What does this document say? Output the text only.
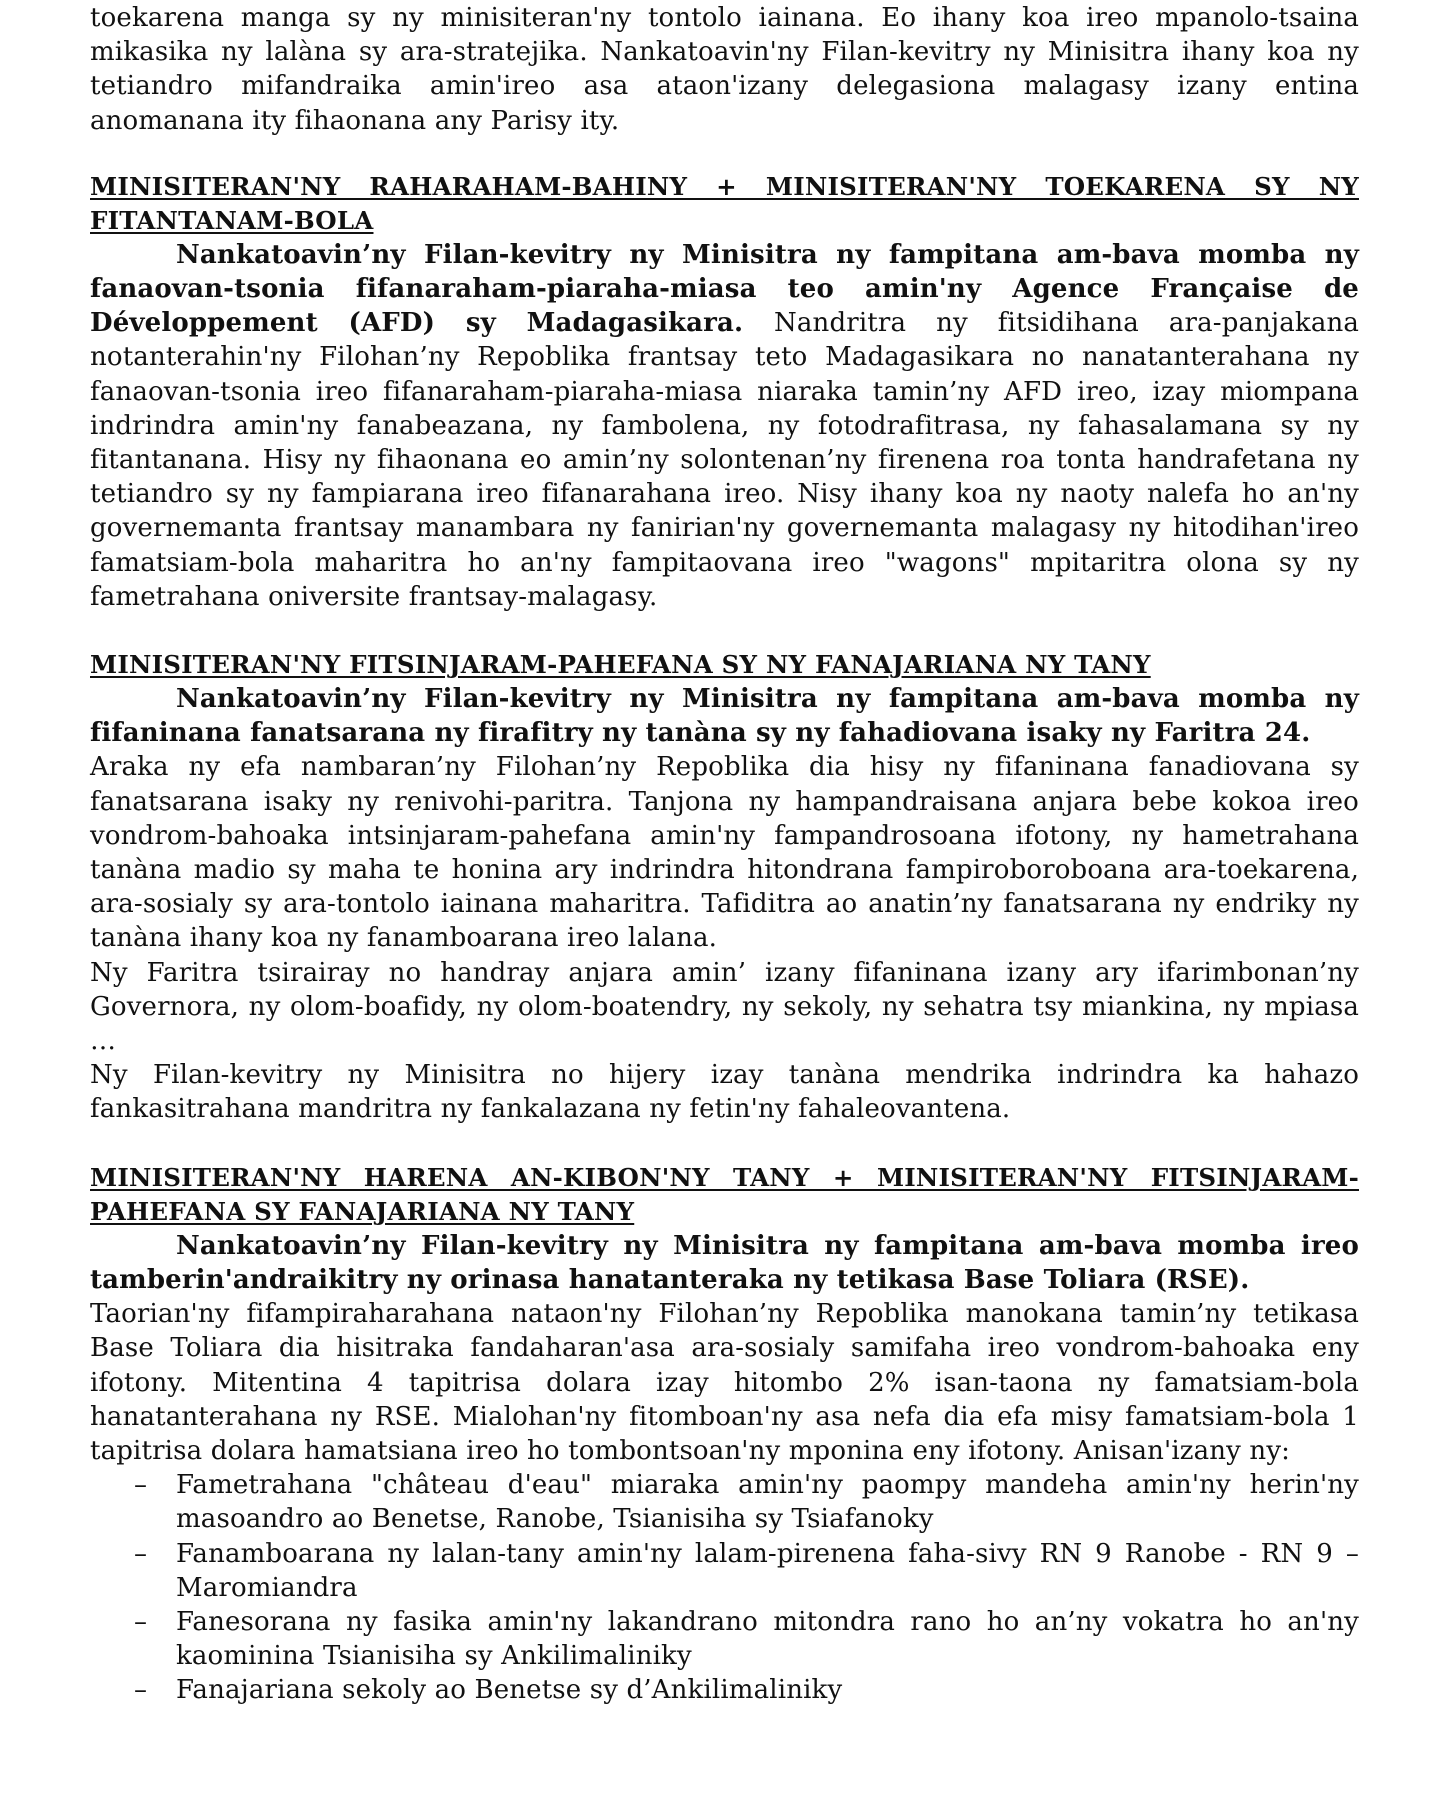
toekarena manga sy ny minisiteran'ny tontolo iainana. Eo ihany koa ireo mpanolo-tsaina mikasika ny lalàna sy ara-stratejika. Nankatoavin'ny Filan-kevitry ny Minisitra ihany koa ny tetiandro mifandraika amin'ireo asa ataon'izany delegasiona malagasy izany entina anomanana ity fihaonana any Parisy ity.

MINISITERAN'NY RAHARAHAM-BAHINY + MINISITERAN'NY TOEKARENA SY NY FITANTANAM-BOLA

Nankatoavin’ny Filan-kevitry ny Minisitra ny fampitana am-bava momba ny fanaovan-tsonia fifanaraham-piaraha-miasa teo amin'ny Agence Française de Développement (AFD) sy Madagasikara. Nandritra ny fitsidihana ara-panjakana notanterahin'ny Filohan’ny Repoblika frantsay teto Madagasikara no nanatanterahana ny fanaovan-tsonia ireo fifanaraham-piaraha-miasa niaraka tamin’ny AFD ireo, izay miompana indrindra amin'ny fanabeazana, ny fambolena, ny fotodrafitrasa, ny fahasalamana sy ny fitantanana. Hisy ny fihaonana eo amin’ny solontenan’ny firenena roa tonta handrafetana ny tetiandro sy ny fampiarana ireo fifanarahana ireo. Nisy ihany koa ny naoty nalefa ho an'ny governemanta frantsay manambara ny fanirian'ny governemanta malagasy ny hitodihan'ireo famatsiam-bola maharitra ho an'ny fampitaovana ireo "wagons" mpitaritra olona sy ny fametrahana oniversite frantsay-malagasy.

MINISITERAN'NY FITSINJARAM-PAHEFANA SY NY FANAJARIANA NY TANY

Nankatoavin’ny Filan-kevitry ny Minisitra ny fampitana am-bava momba ny fifaninana fanatsarana ny firafitry ny tanàna sy ny fahadiovana isaky ny Faritra 24.

Araka ny efa nambaran’ny Filohan’ny Repoblika dia hisy ny fifaninana fanadiovana sy fanatsarana isaky ny renivohi-paritra. Tanjona ny hampandraisana anjara bebe kokoa ireo vondrom-bahoaka intsinjaram-pahefana amin'ny fampandrosoana ifotony, ny hametrahana tanàna madio sy maha te honina ary indrindra hitondrana fampiroboroboana ara-toekarena, ara-sosialy sy ara-tontolo iainana maharitra. Tafiditra ao anatin’ny fanatsarana ny endriky ny tanàna ihany koa ny fanamboarana ireo lalana.

Ny Faritra tsirairay no handray anjara amin’ izany fifaninana izany ary ifarimbonan’ny Governora, ny olom-boafidy, ny olom-boatendry, ny sekoly, ny sehatra tsy miankina, ny mpiasa …

Ny Filan-kevitry ny Minisitra no hijery izay tanàna mendrika indrindra ka hahazo fankasitrahana mandritra ny fankalazana ny fetin'ny fahaleovantena.

MINISITERAN'NY HARENA AN-KIBON'NY TANY + MINISITERAN'NY FITSINJARAM-PAHEFANA SY FANAJARIANA NY TANY

Nankatoavin’ny Filan-kevitry ny Minisitra ny fampitana am-bava momba ireo tamberin'andraikitry ny orinasa hanatanteraka ny tetikasa Base Toliara (RSE).

Taorian'ny fifampiraharahana nataon'ny Filohan’ny Repoblika manokana tamin’ny tetikasa Base Toliara dia hisitraka fandaharan'asa ara-sosialy samifaha ireo vondrom-bahoaka eny ifotony. Mitentina 4 tapitrisa dolara izay hitombo 2% isan-taona ny famatsiam-bola hanatanterahana ny RSE. Mialohan'ny fitomboan'ny asa nefa dia efa misy famatsiam-bola 1 tapitrisa dolara hamatsiana ireo ho tombontsoan'ny mponina eny ifotony. Anisan'izany ny:

– Fametrahana "château d'eau" miaraka amin'ny paompy mandeha amin'ny herin'ny masoandro ao Benetse, Ranobe, Tsianisiha sy Tsiafanoky
– Fanamboarana ny lalan-tany amin'ny lalam-pirenena faha-sivy RN 9 Ranobe - RN 9 – Maromiandra
– Fanesorana ny fasika amin'ny lakandrano mitondra rano ho an’ny vokatra ho an'ny kaominina Tsianisiha sy Ankilimaliniky
– Fanajariana sekoly ao Benetse sy d’Ankilimaliniky
